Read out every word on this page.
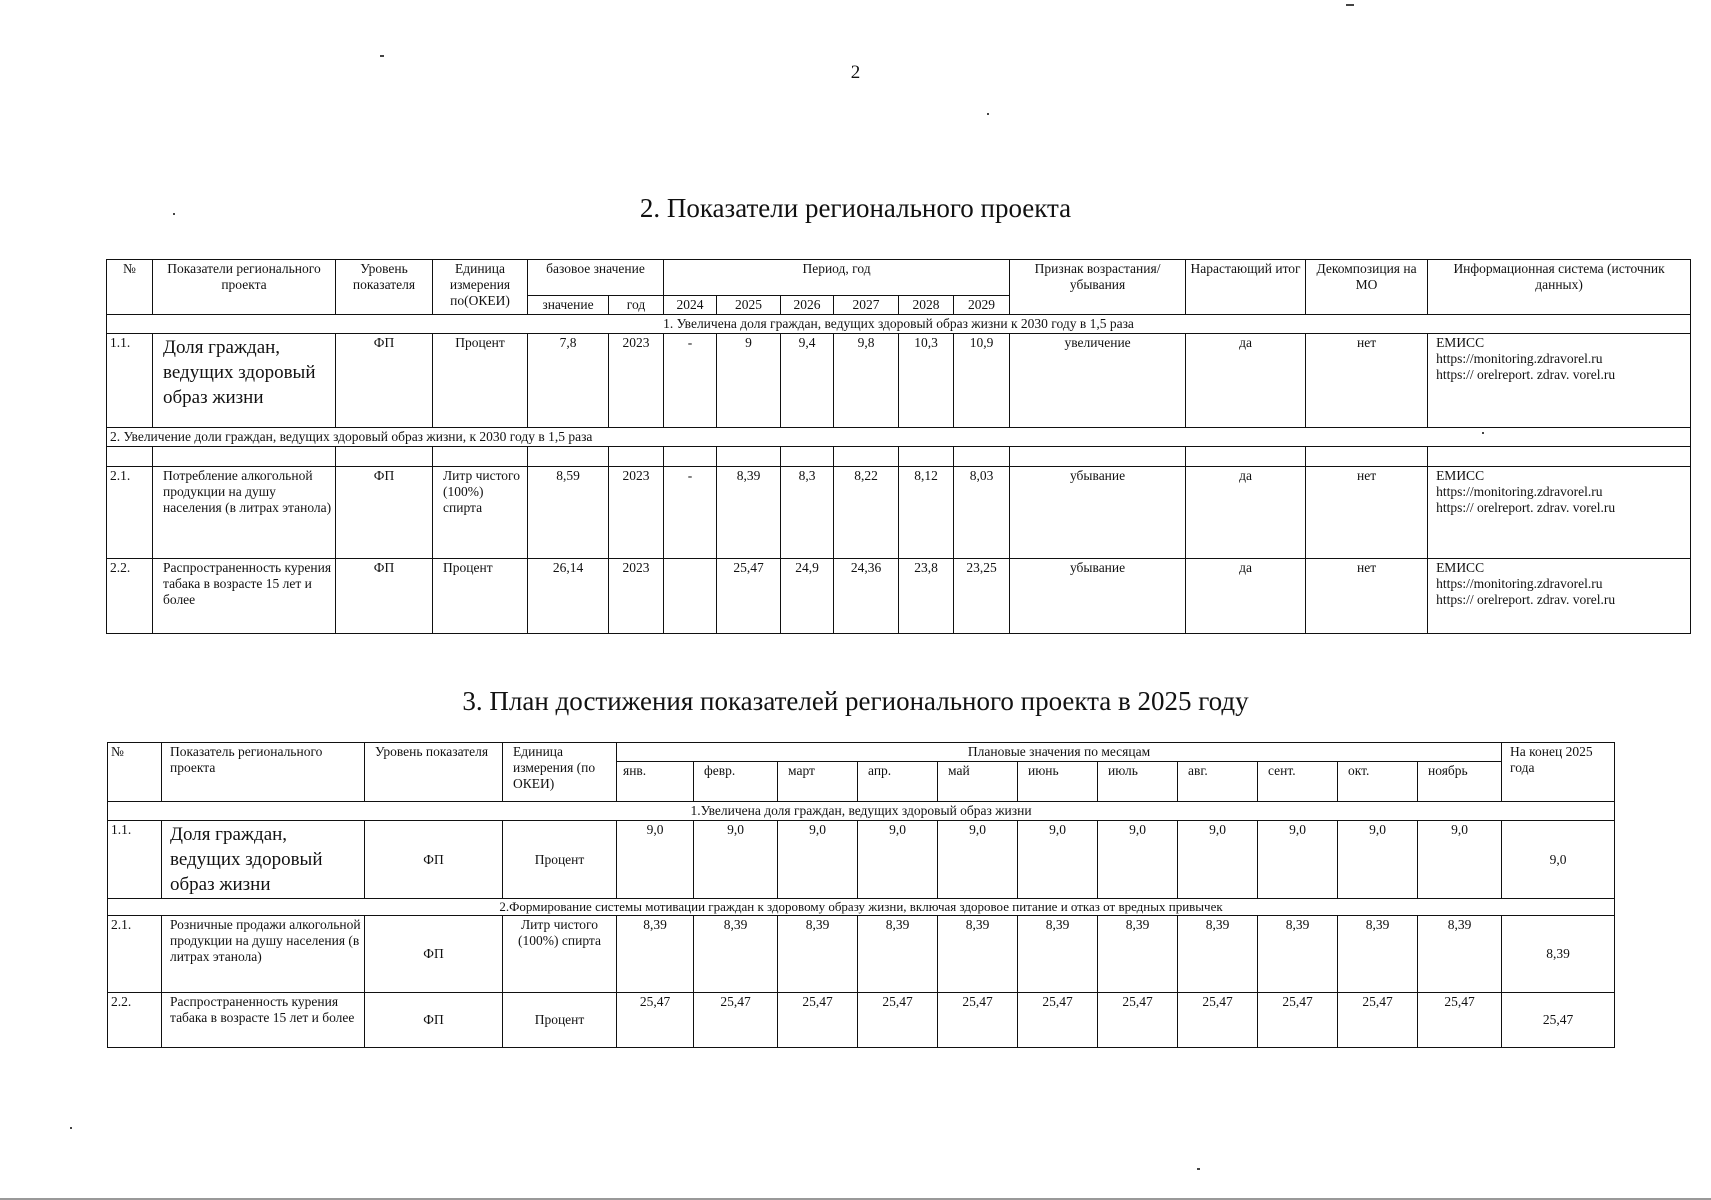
2
2. Показатели регионального проекта
№	Показатели регионального проекта	Уровень показателя	Единица измерения по(ОКЕИ)	базовое значение		Период, год						Признак возрастания/убывания	Нарастающий итог	Декомпозиция на МО	Информационная система (источник данных)
				значение	год	2024	2025	2026	2027	2028	2029				
1. Увеличена доля граждан, ведущих здоровый образ жизни к 2030 году в 1,5 раза															
1.1.	Доля граждан, ведущих здоровый образ жизни	ФП	Процент	7,8	2023	-	9	9,4	9,8	10,3	10,9	увеличение	да	нет	ЕМИСС
https://monitoring.zdravorel.ru
https:// orelreport. zdrav. vorel.ru

2. Увеличение доли граждан, ведущих здоровый образ жизни, к 2030 году в 1,5 раза															

2.1.	Потребление алкогольной продукции на душу населения (в литрах этанола)	ФП	Литр чистого (100%) спирта	8,59	2023	-	8,39	8,3	8,22	8,12	8,03	убывание	да	нет	ЕМИСС
https://monitoring.zdravorel.ru
https:// orelreport. zdrav. vorel.ru

2.2.	Распространенность курения табака в возрасте 15 лет и более	ФП	Процент	26,14	2023		25,47	24,9	24,36	23,8	23,25	убывание	да	нет	ЕМИСС
https://monitoring.zdravorel.ru
https:// orelreport. zdrav. vorel.ru
3. План достижения показателей регионального проекта в 2025 году
№	Показатель регионального проекта	Уровень показателя	Единица измерения (по ОКЕИ)	Плановые значения по месяцам											На конец 2025 года
				янв.	февр.	март	апр.	май	июнь	июль	авг.	сент.	окт.	ноябрь	
1.Увеличена доля граждан, ведущих здоровый образ жизни															
1.1.	Доля граждан, ведущих здоровый образ жизни	ФП	Процент	9,0	9,0	9,0	9,0	9,0	9,0	9,0	9,0	9,0	9,0	9,0	9,0
2.Формирование системы мотивации граждан к здоровому образу жизни, включая здоровое питание и отказ от вредных привычек															
2.1.	Розничные продажи алкогольной продукции на душу населения (в литрах этанола)	ФП	Литр чистого (100%) спирта	8,39	8,39	8,39	8,39	8,39	8,39	8,39	8,39	8,39	8,39	8,39	8,39
2.2.	Распространенность курения табака в возрасте 15 лет и более	ФП	Процент	25,47	25,47	25,47	25,47	25,47	25,47	25,47	25,47	25,47	25,47	25,47	25,47
